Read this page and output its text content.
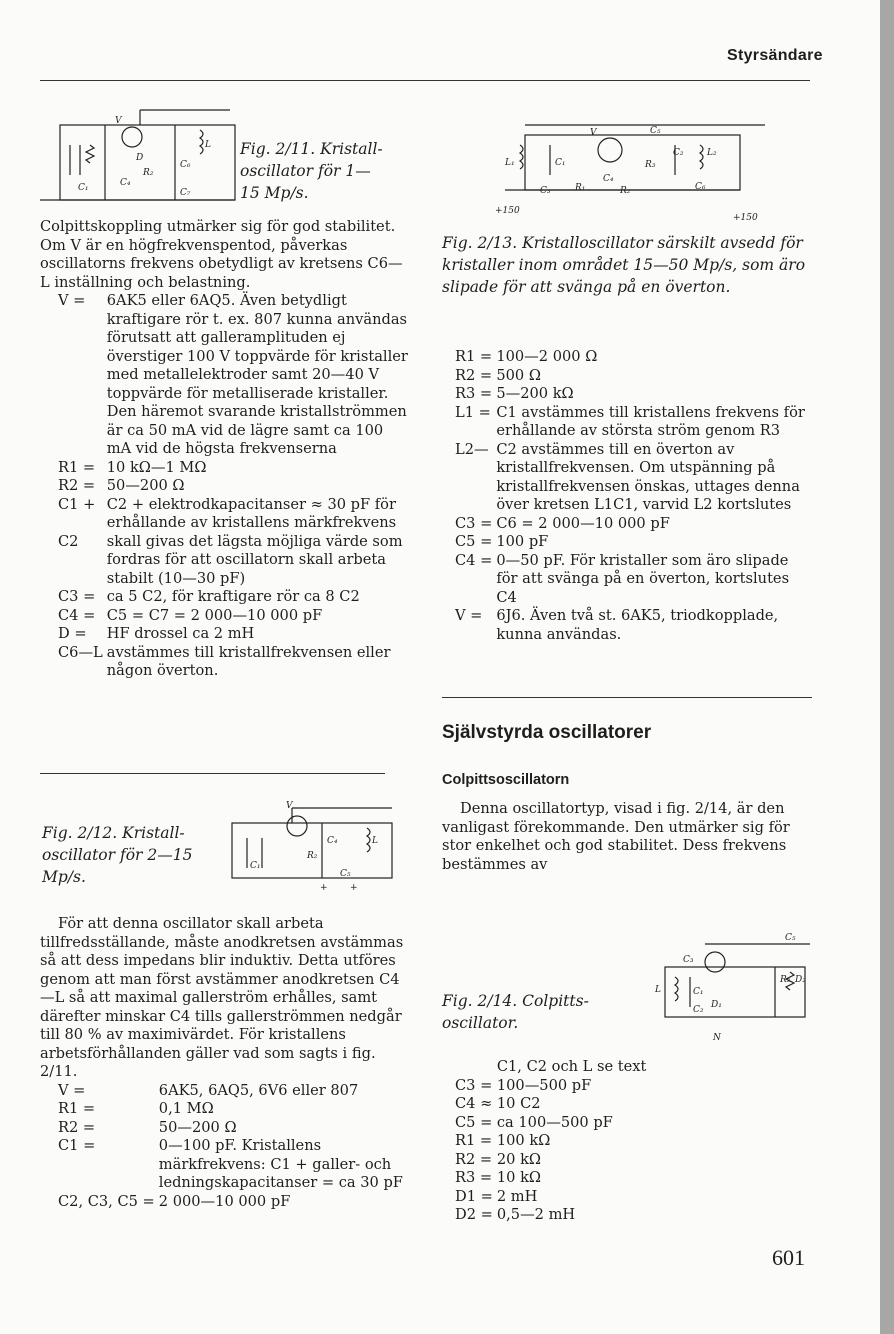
Styrsändare
V
L
C₁	C₄
C₆
C₇
R₂
D	Fig. 2/11. Kristall- oscillator för 1—15 Mp/s.

Colpittskoppling utmärker sig för god stabilitet. Om V är en högfrekvenspentod, påverkas oscillatorns frekvens obetydligt av kretsens C6—L inställning och belastning.

V =	6AK5 eller 6AQ5. Även betydligt kraftigare rör t. ex. 807 kunna användas förutsatt att galleramplituden ej överstiger 100 V toppvärde för kristaller med metallelektroder samt 20—40 V toppvärde för metalliserade kristaller. Den häremot svarande kristallströmmen är ca 50 mA vid de lägre samt ca 100 mA vid de högsta frekvenserna
R1 = 10 kΩ—1 MΩ
R2 = 50—200 Ω
C1 + C2 + elektrodkapacitanser ≈ 30 pF för erhållande av kristallens märkfrekvens
C2	skall givas det lägsta möjliga värde som fordras för att oscillatorn skall arbeta stabilt (10—30 pF)
C3 = ca 5 C2, för kraftigare rör ca 8 C2
C4 = C5 = C7 = 2 000—10 000 pF
D =	HF drossel ca 2 mH
C6—L avstämmes till kristallfrekvensen eller någon överton.
Fig. 2/12. Kristall- oscillator för 2—15 Mp/s.
V
L
C₁
C₄
R₂
C₅
+ +

För att denna oscillator skall arbeta tillfredsställande, måste anodkretsen avstämmas så att dess impedans blir induktiv. Detta utföres genom att man först avstämmer anodkretsen C4—L så att maximal gallerström erhålles, samt därefter minskar C4 tills gallerströmmen nedgår till 80 % av maximivärdet. För kristallens arbetsförhållanden gäller vad som sagts i fig. 2/11.

V =	6AK5, 6AQ5, 6V6 eller 807
R1 =	0,1 MΩ
R2 =	50—200 Ω
C1 =	0—100 pF. Kristallens märkfrekvens: C1 + galler- och ledningskapacitanser = ca 30 pF
C2, C3, C5 = 2 000—10 000 pF
L₁	C₁
V
C₄
C₅
C₂	L₂
R₃
R₁	R₂
C₃	C₆
+150
+150
Fig. 2/13. Kristalloscillator särskilt avsedd för kristaller inom området 15—50 Mp/s, som äro slipade för att svänga på en överton.
R1 = 100—2 000 Ω
R2 = 500 Ω
R3 = 5—200 kΩ
L1 = C1 avstämmes till kristallens frekvens för erhållande av största ström genom R3
L2— C2 avstämmes till en överton av kristallfrekvensen. Om utspänning på kristallfrekvensen önskas, uttages denna över kretsen L1C1, varvid L2 kortslutes
C3 = C6 = 2 000—10 000 pF
C5 = 100 pF
C4 = 0—50 pF. För kristaller som äro slipade för att svänga på en överton, kortslutes C4
V = 6J6. Även två st. 6AK5, triodkopplade, kunna användas.
Självstyrda oscillatorer
Colpittsoscillatorn

Denna oscillatortyp, visad i fig. 2/14, är den vanligast förekommande. Den utmärker sig för stor enkelhet och god stabilitet. Dess frekvens bestämmes av

Fig. 2/14. Colpitts- oscillator.
C₅
C₃
L	C₁
C₂ D₁
R₃ D₂
N
C1, C2 och L se text
C3 = 100—500 pF
C4 ≈ 10 C2
C5 = ca 100—500 pF
R1 = 100 kΩ
R2 = 20 kΩ
R3 = 10 kΩ
D1 = 2 mH
D2 = 0,5—2 mH
601
